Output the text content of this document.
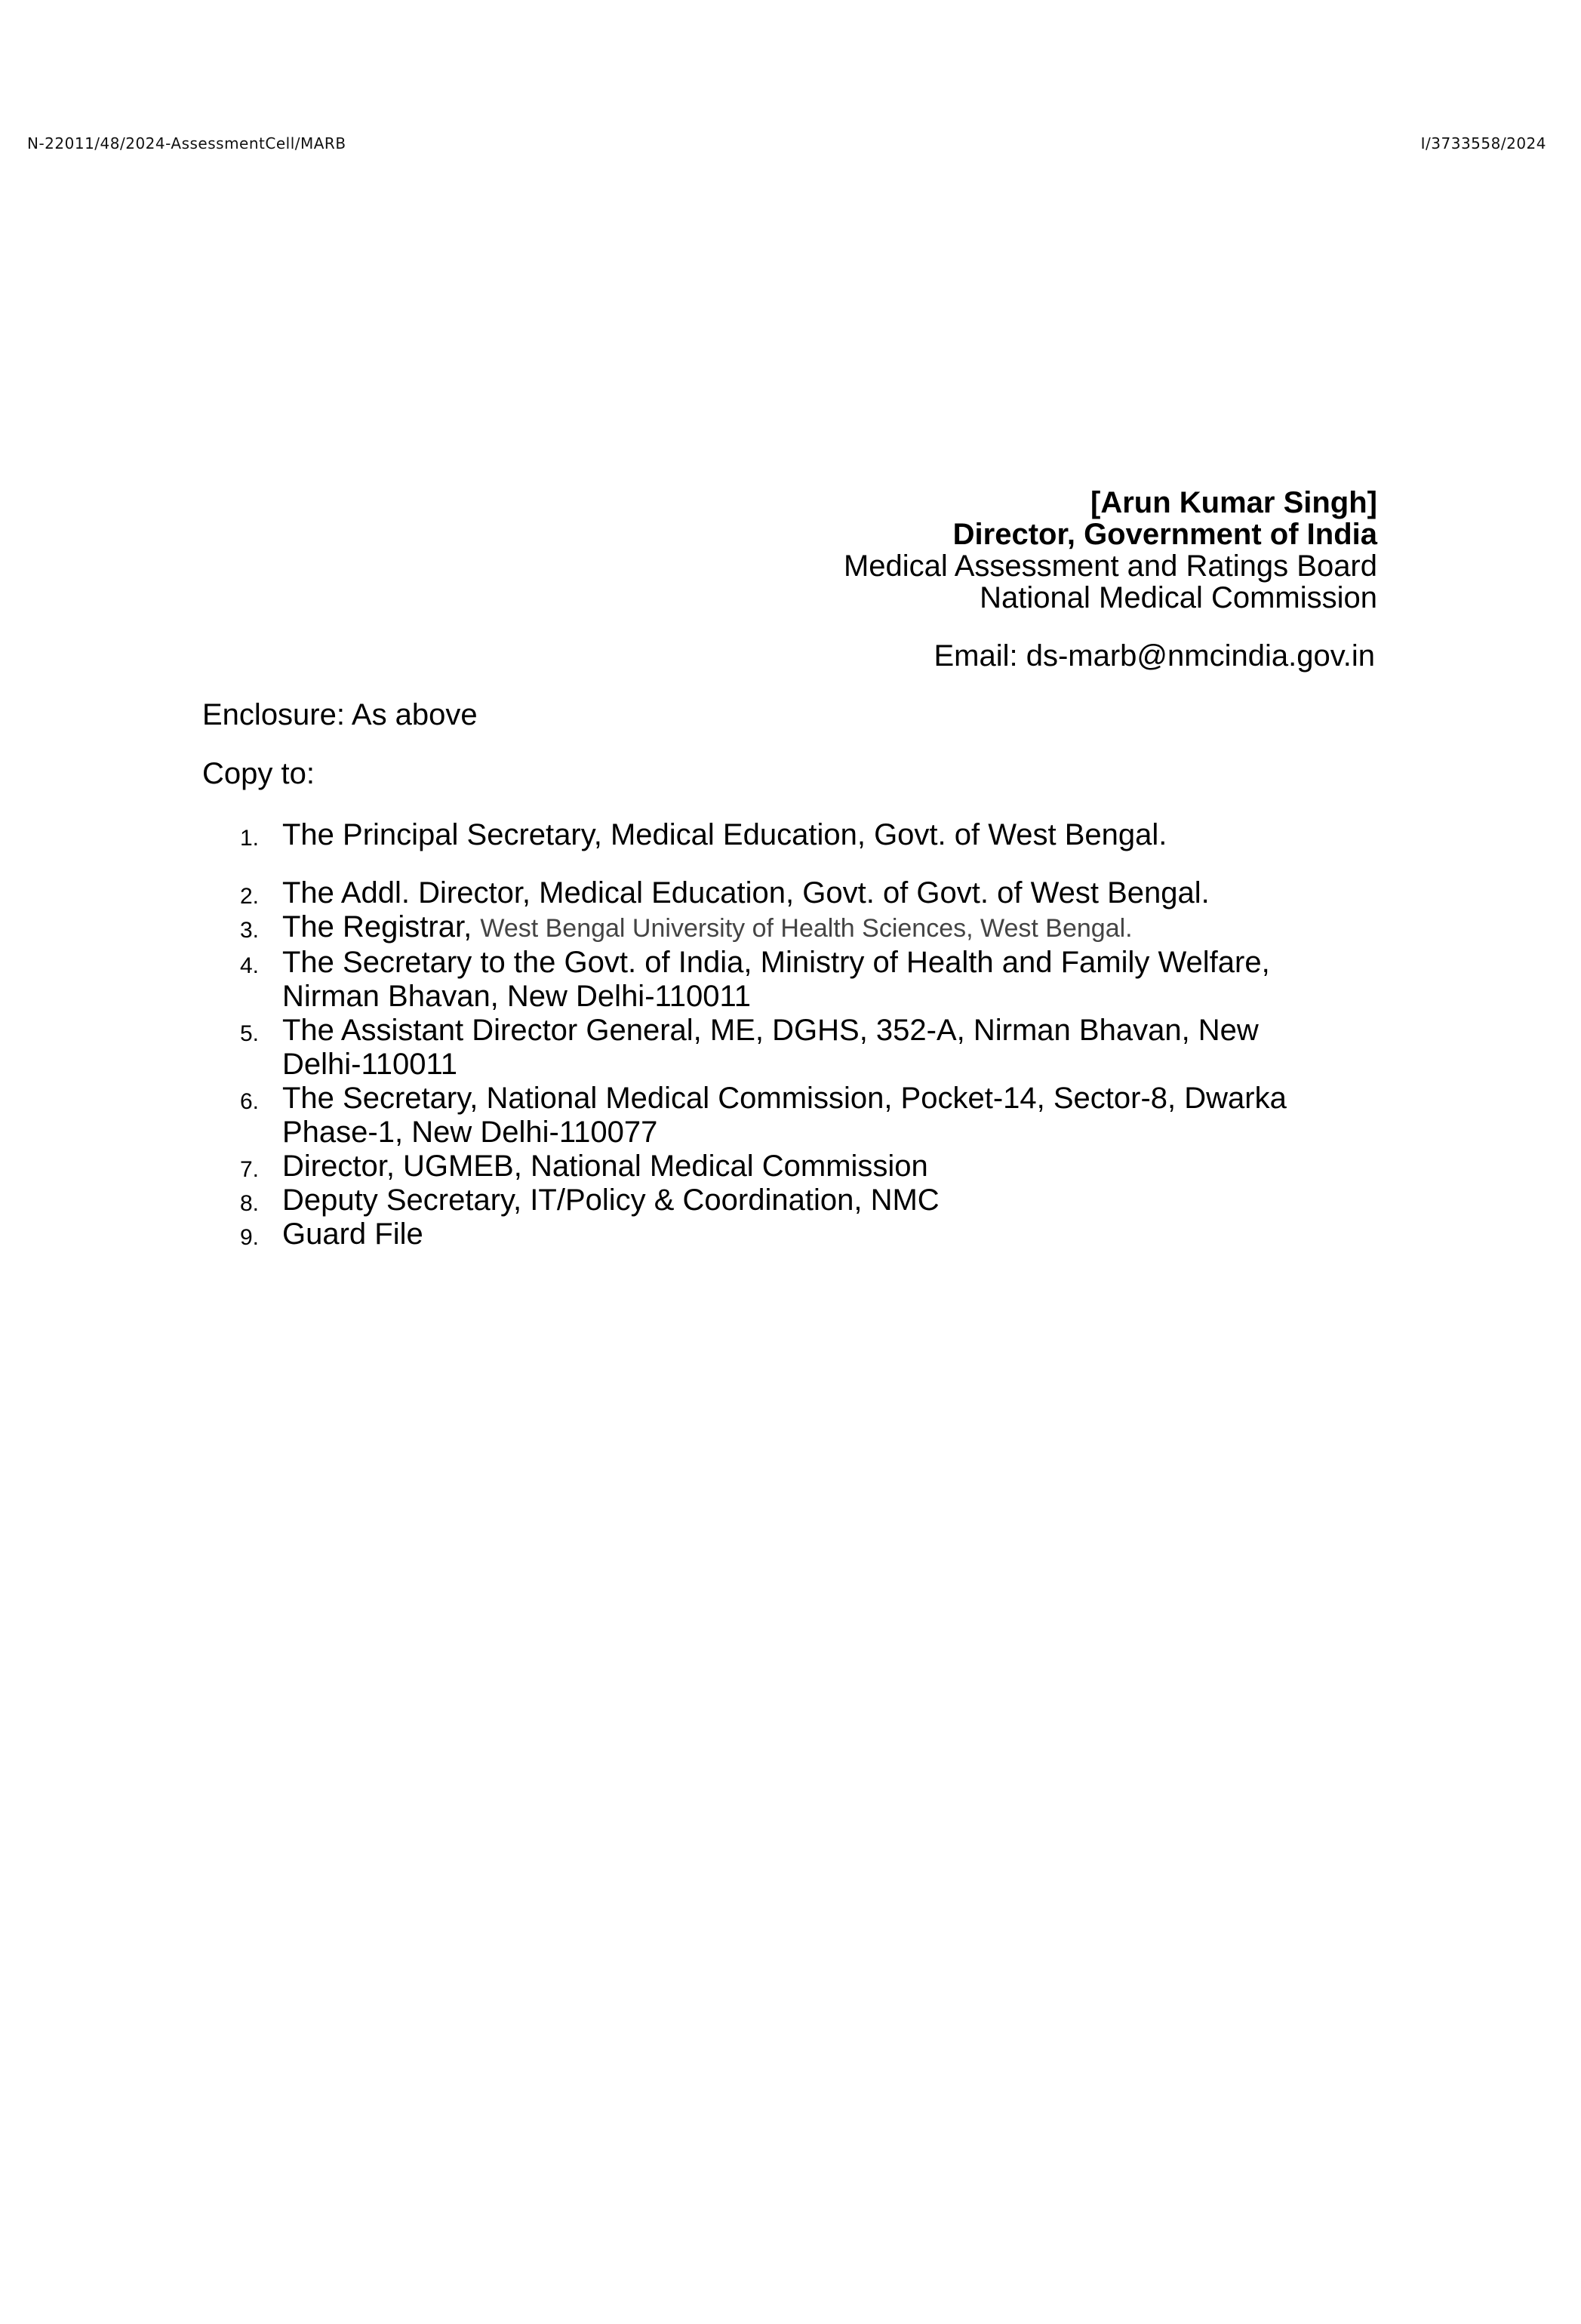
N-22011/48/2024-AssessmentCell/MARB	I/3733558/2024
[Arun Kumar Singh]
Director, Government of India
Medical Assessment and Ratings Board
National Medical Commission
Email: ds-marb@nmcindia.gov.in
Enclosure: As above
Copy to:
1. The Principal Secretary, Medical Education, Govt. of West Bengal.
2. The Addl. Director, Medical Education, Govt. of Govt. of West Bengal.
3. The Registrar, West Bengal University of Health Sciences, West Bengal.
4. The Secretary to the Govt. of India, Ministry of Health and Family Welfare,
Nirman Bhavan, New Delhi-110011
5. The Assistant Director General, ME, DGHS, 352-A, Nirman Bhavan, New
Delhi-110011
6. The Secretary, National Medical Commission, Pocket-14, Sector-8, Dwarka
Phase-1, New Delhi-110077
7. Director, UGMEB, National Medical Commission
8. Deputy Secretary, IT/Policy & Coordination, NMC
9. Guard File
